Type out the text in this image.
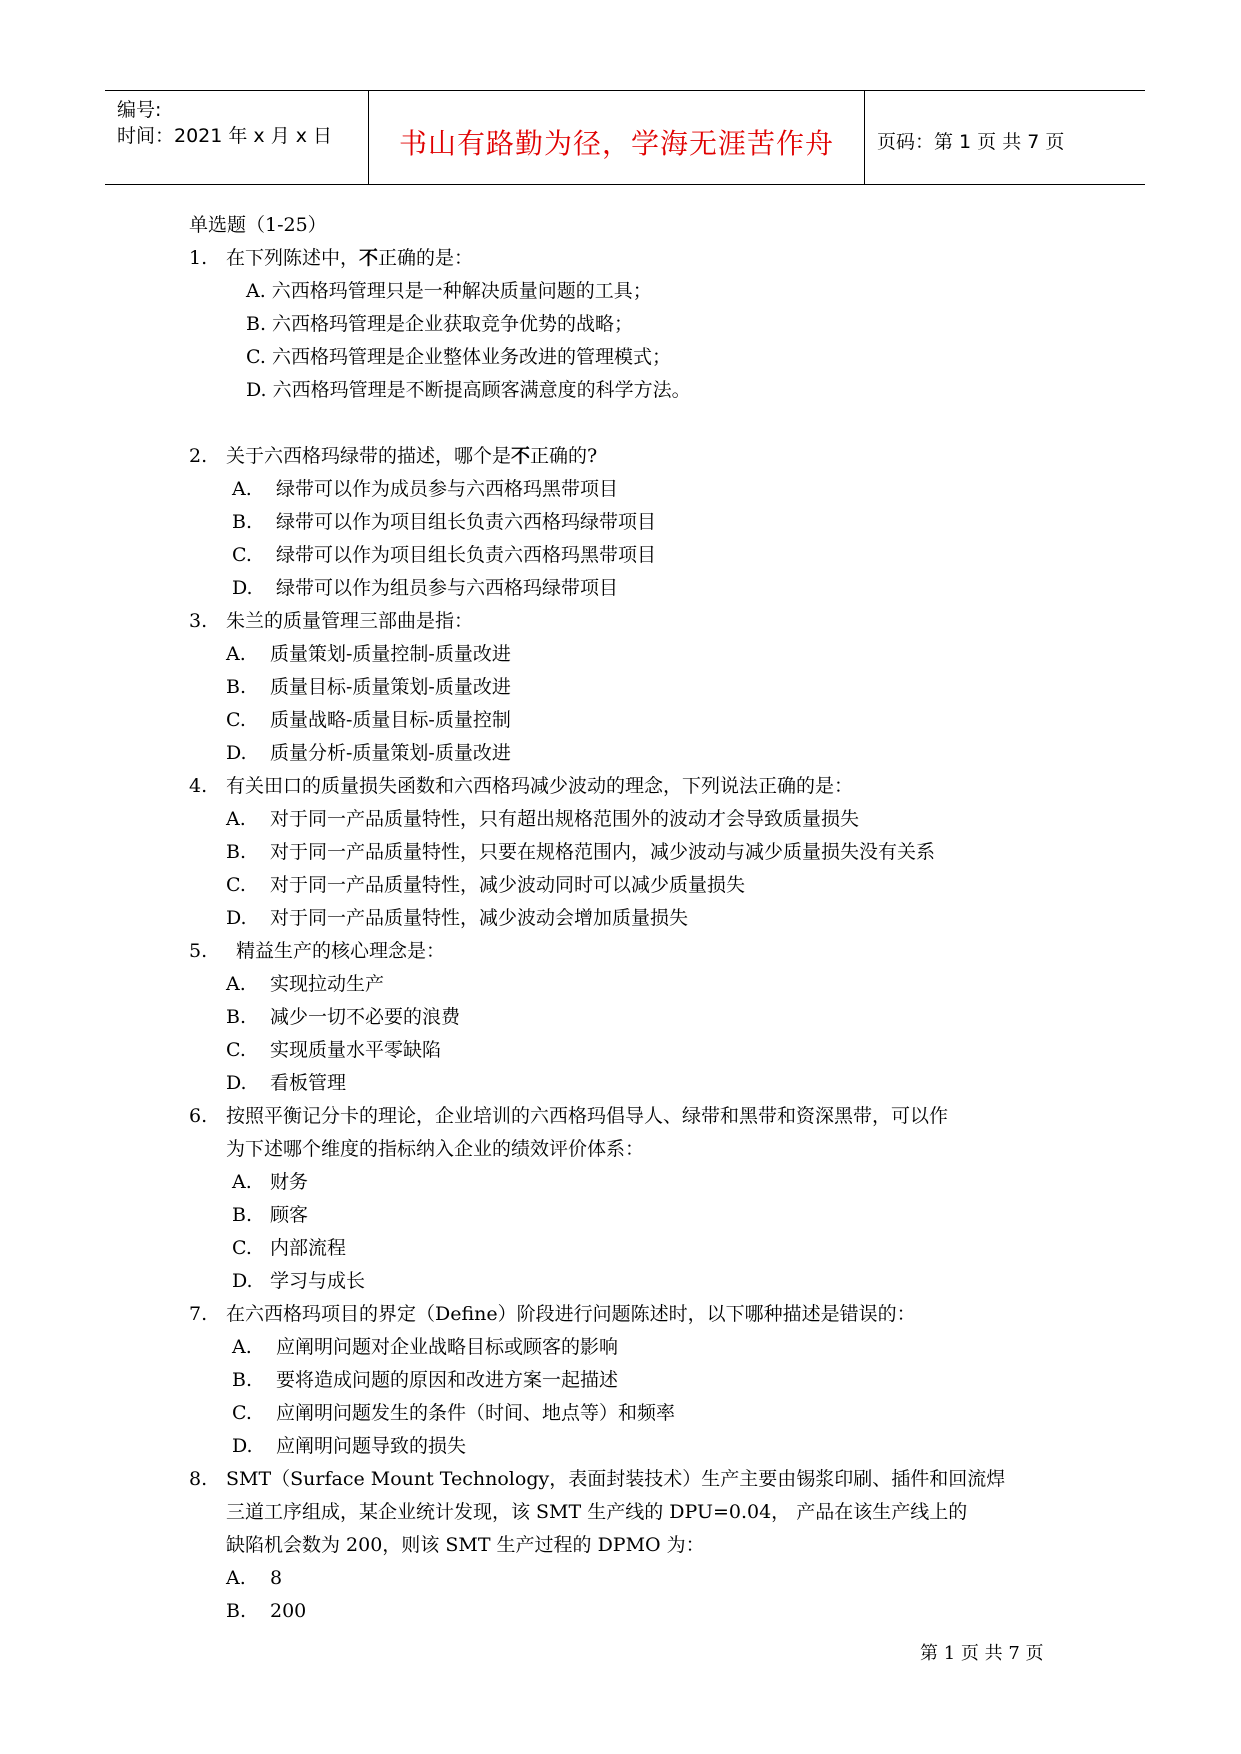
编号:
时间：2021 年 x 月 x 日 书山有路勤为径，学海无涯苦作舟 页码：第 1 页 共 7 页
单选题（1-25）
1. 在下列陈述中，不正确的是：
A. 六西格玛管理只是一种解决质量问题的工具；
B. 六西格玛管理是企业获取竞争优势的战略；
C. 六西格玛管理是企业整体业务改进的管理模式；
D. 六西格玛管理是不断提高顾客满意度的科学方法。
2. 关于六西格玛绿带的描述，哪个是不正确的?
A. 绿带可以作为成员参与六西格玛黑带项目
B. 绿带可以作为项目组长负责六西格玛绿带项目
C. 绿带可以作为项目组长负责六西格玛黑带项目
D. 绿带可以作为组员参与六西格玛绿带项目
3. 朱兰的质量管理三部曲是指：
A. 质量策划-质量控制-质量改进
B. 质量目标-质量策划-质量改进
C. 质量战略-质量目标-质量控制
D. 质量分析-质量策划-质量改进
4. 有关田口的质量损失函数和六西格玛减少波动的理念，下列说法正确的是：
A. 对于同一产品质量特性，只有超出规格范围外的波动才会导致质量损失
B. 对于同一产品质量特性，只要在规格范围内，减少波动与减少质量损失没有关系
C. 对于同一产品质量特性，减少波动同时可以减少质量损失
D. 对于同一产品质量特性，减少波动会增加质量损失
5. 精益生产的核心理念是：
A. 实现拉动生产
B. 减少一切不必要的浪费
C. 实现质量水平零缺陷
D. 看板管理
6. 按照平衡记分卡的理论，企业培训的六西格玛倡导人、绿带和黑带和资深黑带，可以作
为下述哪个维度的指标纳入企业的绩效评价体系：
A. 财务
B. 顾客
C. 内部流程
D. 学习与成长
7. 在六西格玛项目的界定（Define）阶段进行问题陈述时，以下哪种描述是错误的：
A. 应阐明问题对企业战略目标或顾客的影响
B. 要将造成问题的原因和改进方案一起描述
C. 应阐明问题发生的条件（时间、地点等）和频率
D. 应阐明问题导致的损失
8. SMT（Surface Mount Technology，表面封装技术）生产主要由锡浆印刷、插件和回流焊
三道工序组成，某企业统计发现，该 SMT 生产线的 DPU=0.04， 产品在该生产线上的
缺陷机会数为 200，则该 SMT 生产过程的 DPMO 为：
A. 8
B. 200
第 1 页 共 7 页
